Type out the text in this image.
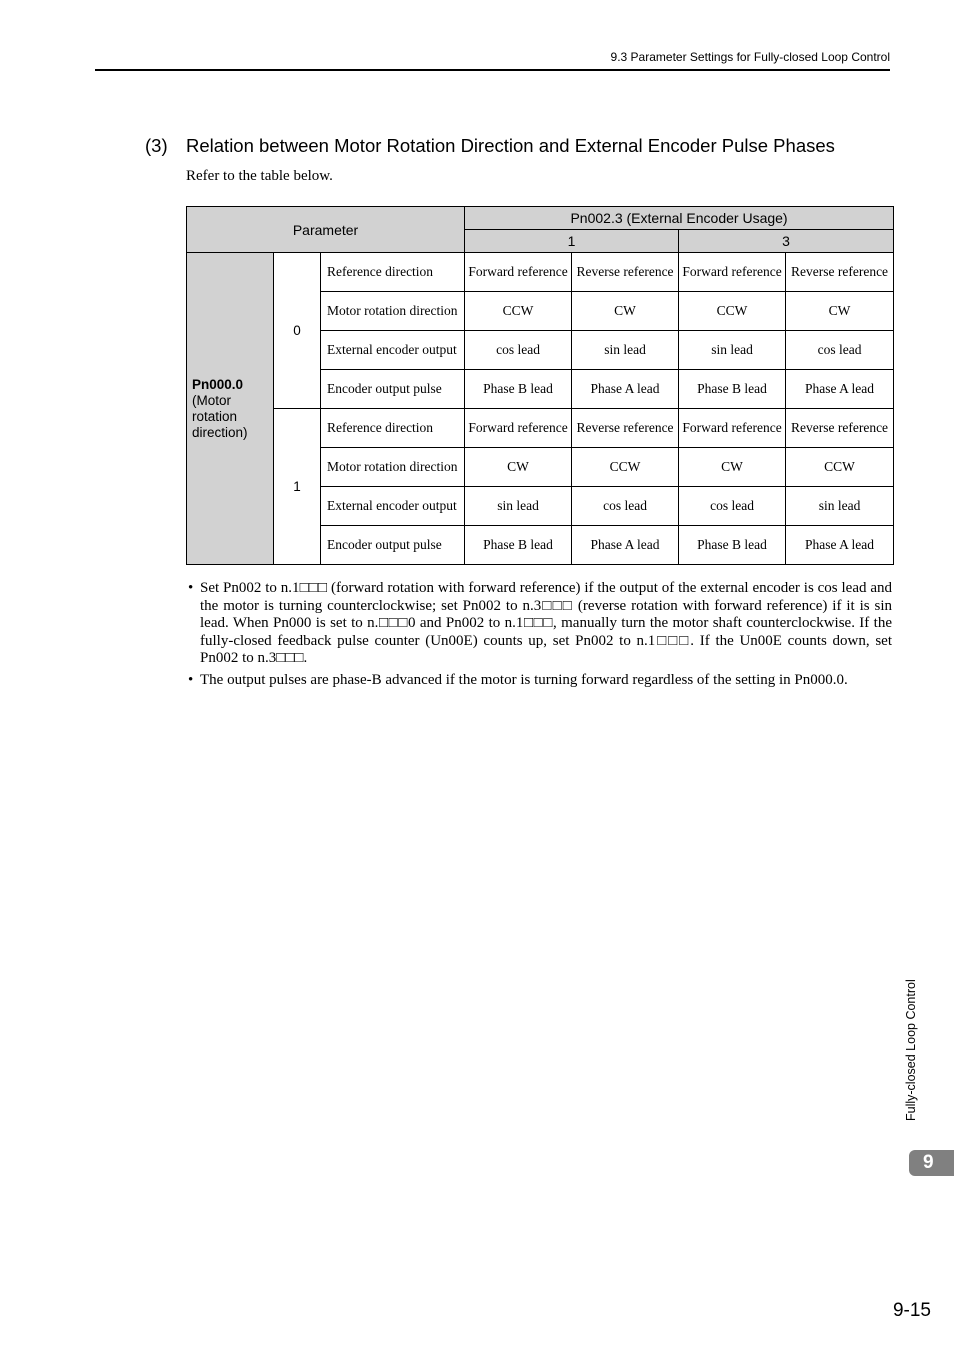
9.3 Parameter Settings for Fully-closed Loop Control
(3) Relation between Motor Rotation Direction and External Encoder Pulse Phases
Refer to the table below.
Parameter			Pn002.3 (External Encoder Usage)			
			1		3	
Pn000.0
(Motor rotation direction)	0	Reference direction	Forward reference	Reverse reference	Forward reference	Reverse reference
		Motor rotation direction	CCW	CW	CCW	CW
		External encoder output	cos lead	sin lead	sin lead	cos lead
		Encoder output pulse	Phase B lead	Phase A lead	Phase B lead	Phase A lead
	1	Reference direction	Forward reference	Reverse reference	Forward reference	Reverse reference
		Motor rotation direction	CW	CCW	CW	CCW
		External encoder output	sin lead	cos lead	cos lead	sin lead
		Encoder output pulse	Phase B lead	Phase A lead	Phase B lead	Phase A lead
• Set Pn002 to n.1□□□ (forward rotation with forward reference) if the output of the external encoder is cos lead and the motor is turning counterclockwise; set Pn002 to n.3□□□ (reverse rotation with forward reference) if it is sin lead. When Pn000 is set to n.□□□0 and Pn002 to n.1□□□, manually turn the motor shaft counterclockwise. If the fully-closed feedback pulse counter (Un00E) counts up, set Pn002 to n.1□□□. If the Un00E counts down, set Pn002 to n.3□□□.
• The output pulses are phase-B advanced if the motor is turning forward regardless of the setting in Pn000.0.
Fully-closed Loop Control
9
9-15
